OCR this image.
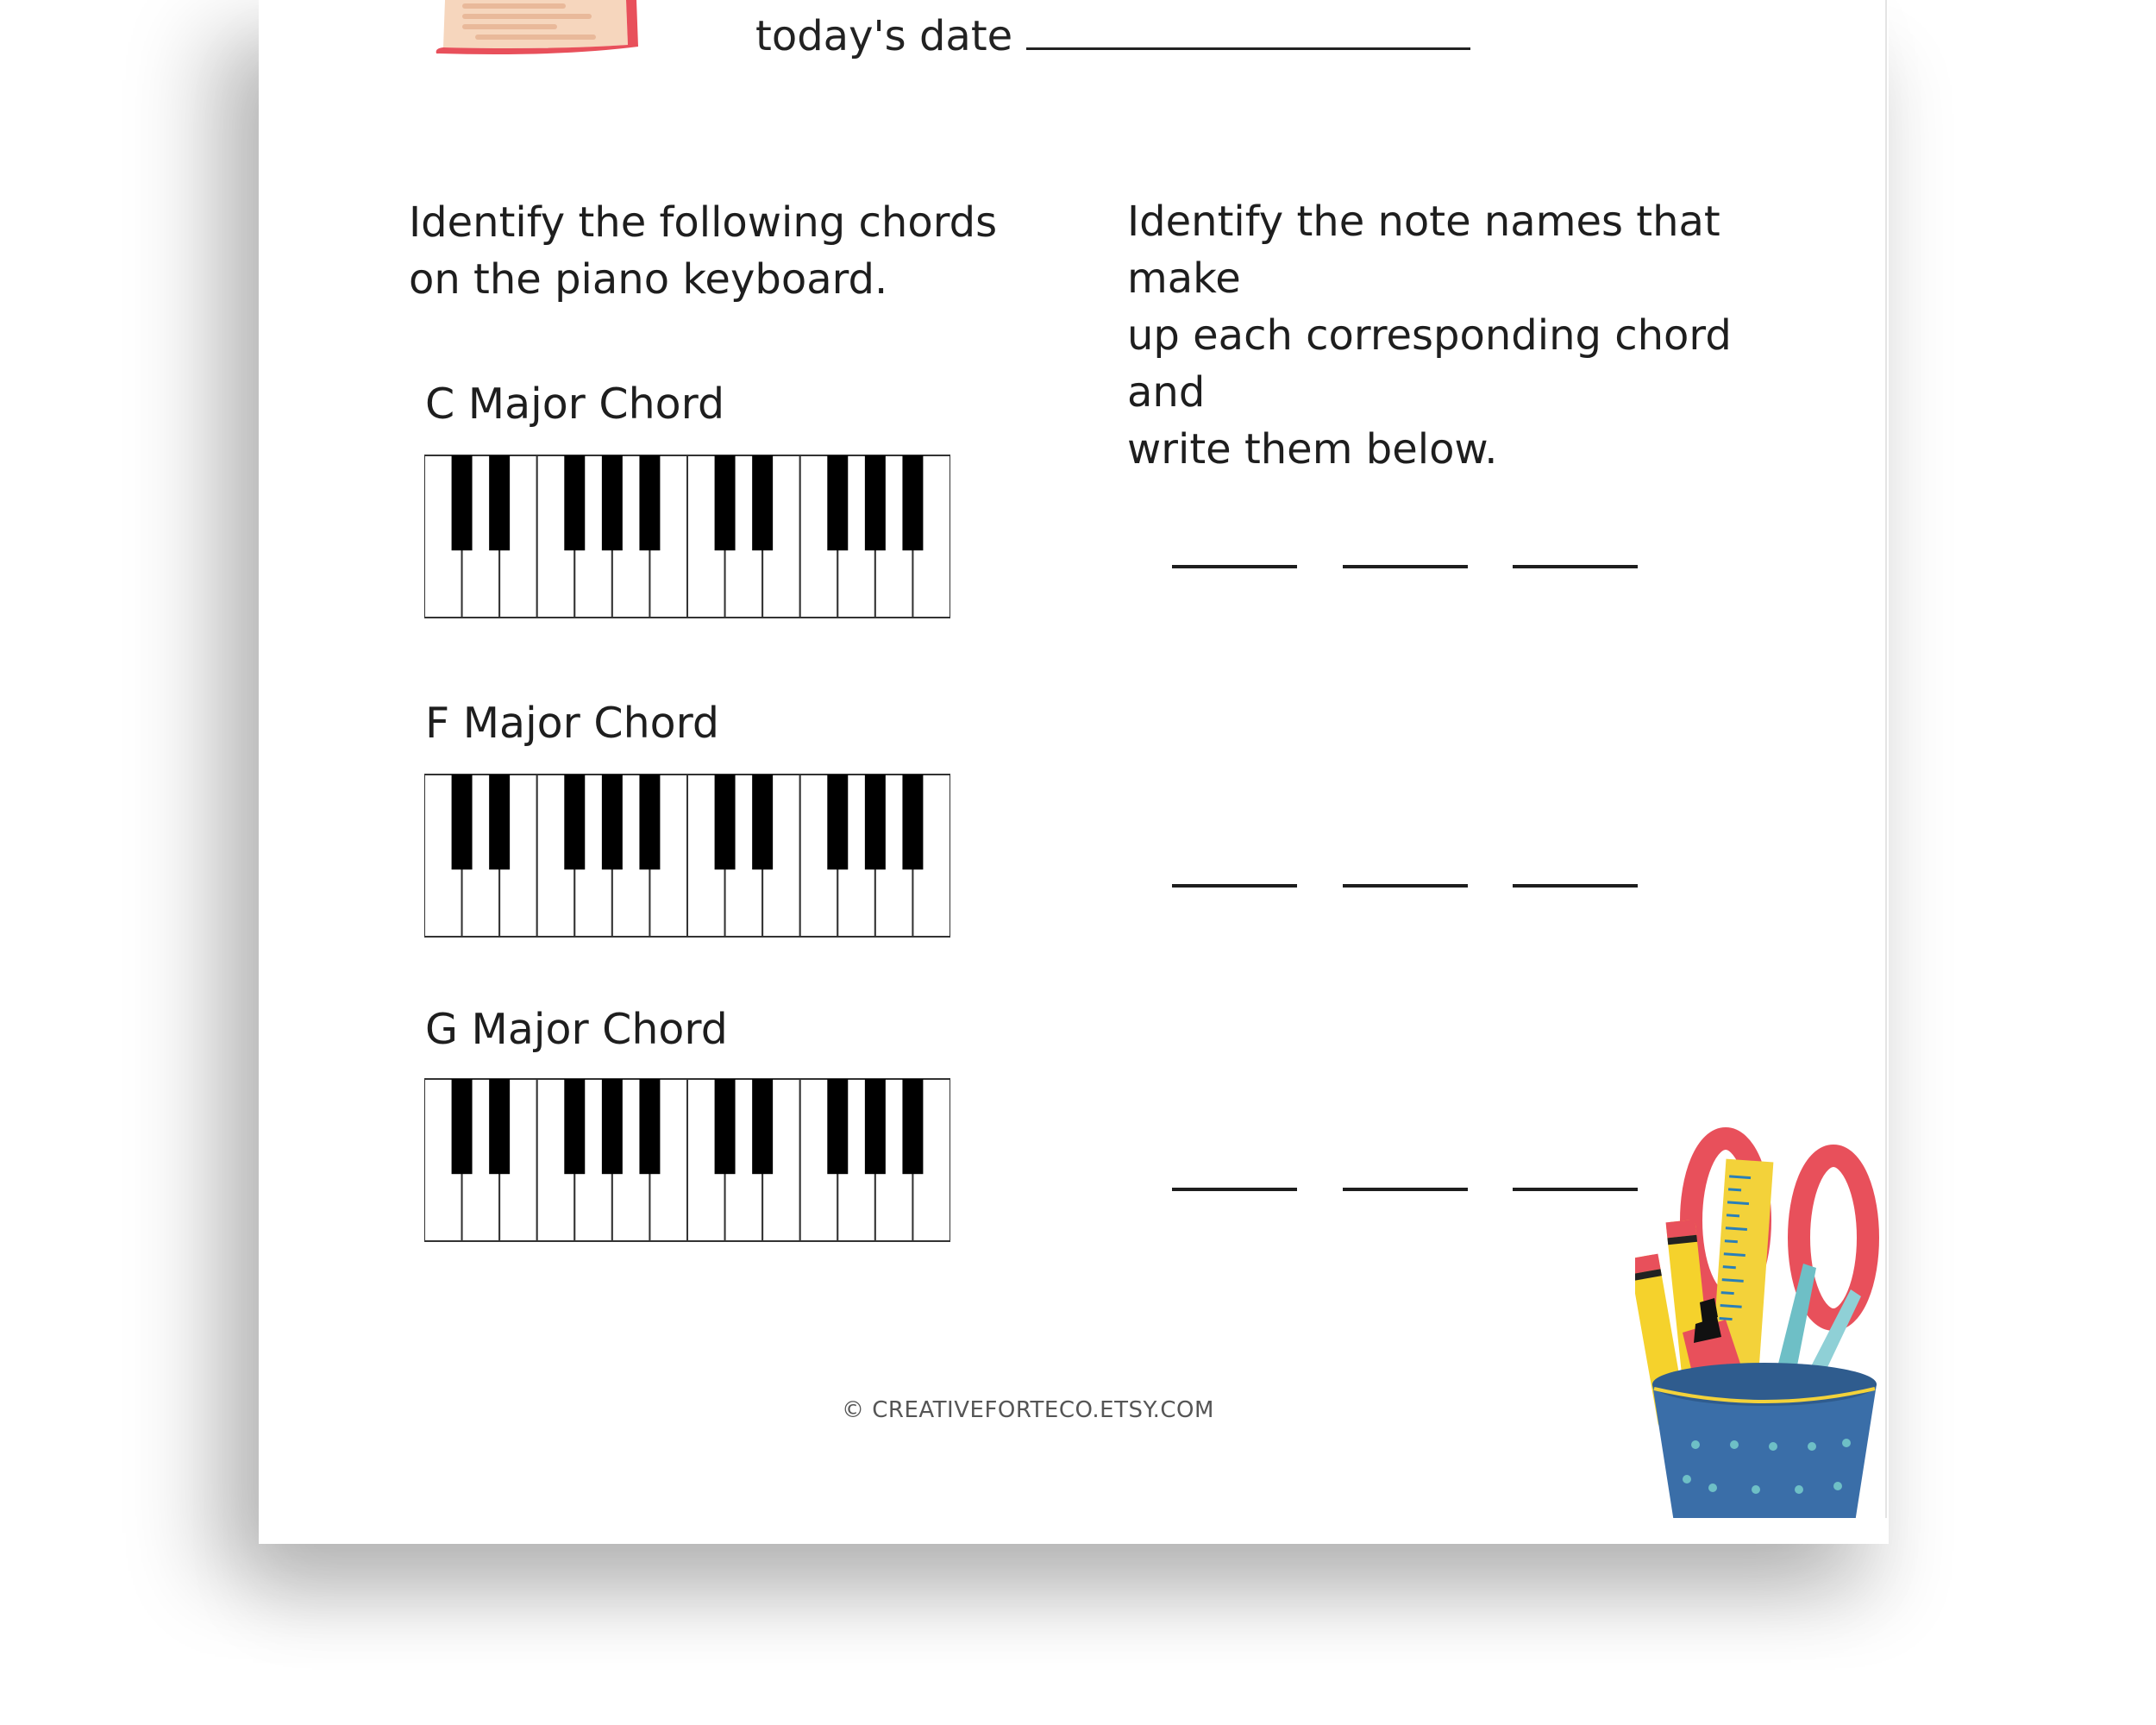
today's date
Identify the following chords
on the piano keyboard.
Identify the note names that make
up each corresponding chord and
write them below.
C Major Chord
F Major Chord
G Major Chord
© CREATIVEFORTECO.ETSY.COM
